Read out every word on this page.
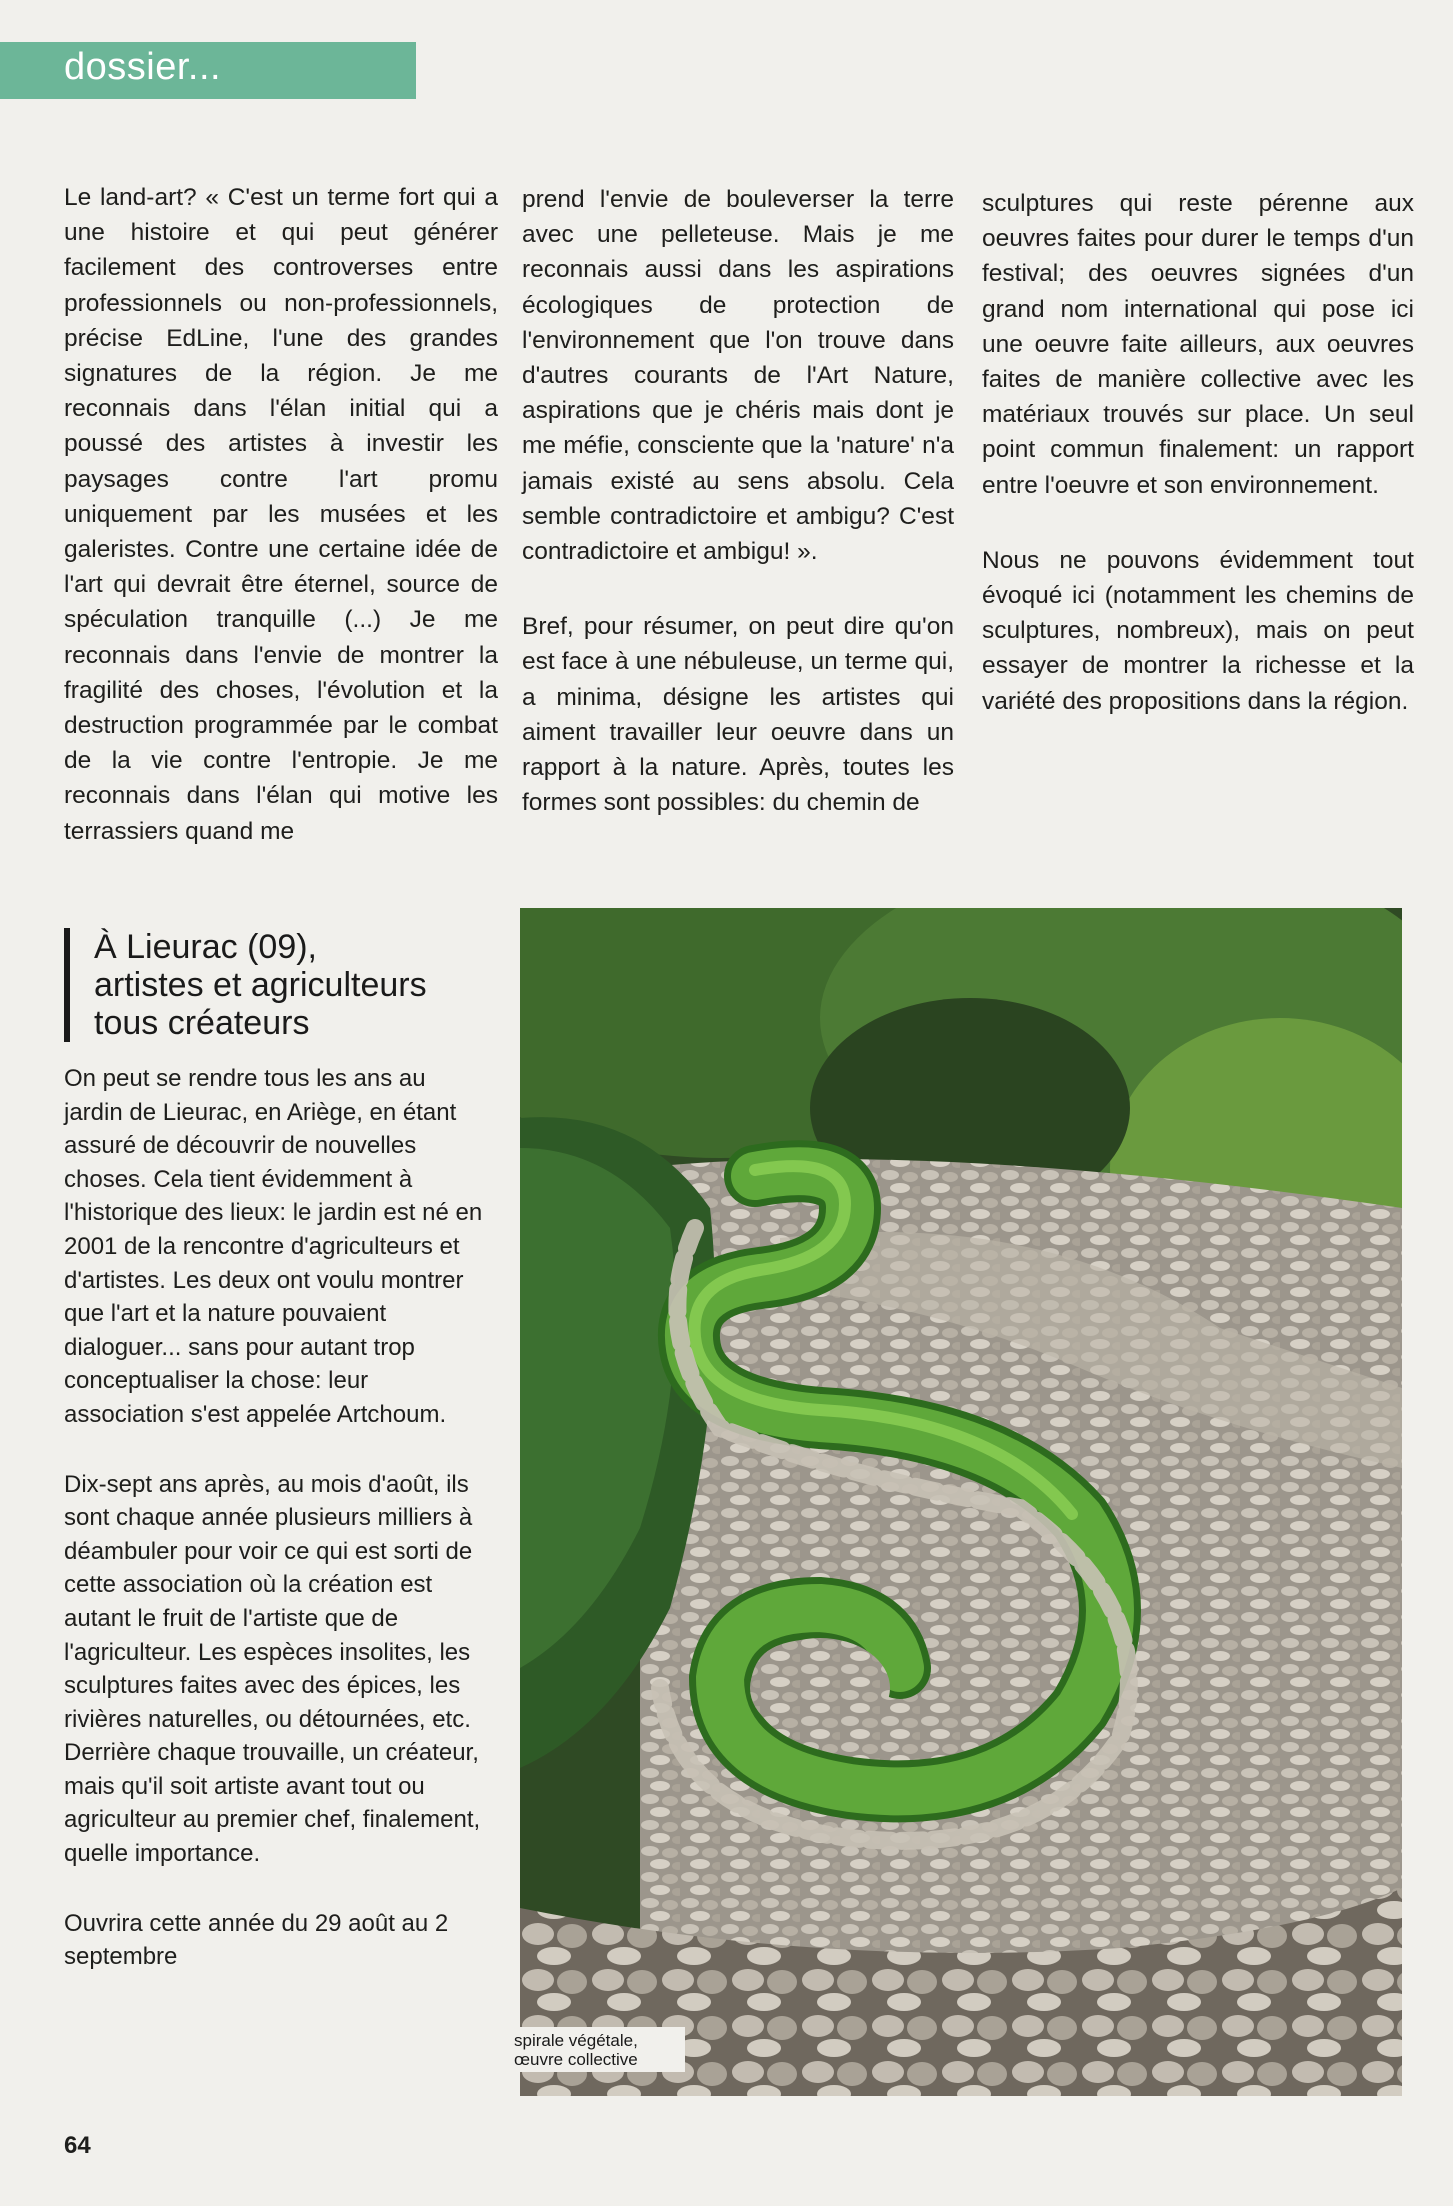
dossier...

Le land-art? « C'est un terme fort qui a une histoire et qui peut générer facilement des controverses entre professionnels ou non-professionnels, précise EdLine, l'une des grandes signatures de la région. Je me reconnais dans l'élan initial qui a poussé des artistes à investir les paysages contre l'art promu uniquement par les musées et les galeristes. Contre une certaine idée de l'art qui devrait être éternel, source de spéculation tranquille (...) Je me reconnais dans l'envie de montrer la fragilité des choses, l'évolution et la destruction programmée par le combat de la vie contre l'entropie. Je me reconnais dans l'élan qui motive les terrassiers quand me

prend l'envie de bouleverser la terre avec une pelleteuse. Mais je me reconnais aussi dans les aspirations écologiques de protection de l'environnement que l'on trouve dans d'autres courants de l'Art Nature, aspirations que je chéris mais dont je me méfie, consciente que la 'nature' n'a jamais existé au sens absolu. Cela semble contradictoire et ambigu? C'est contradictoire et ambigu! ».

Bref, pour résumer, on peut dire qu'on est face à une nébuleuse, un terme qui, a minima, désigne les artistes qui aiment travailler leur oeuvre dans un rapport à la nature. Après, toutes les formes sont possibles: du chemin de

sculptures qui reste pérenne aux oeuvres faites pour durer le temps d'un festival; des oeuvres signées d'un grand nom international qui pose ici une oeuvre faite ailleurs, aux oeuvres faites de manière collective avec les matériaux trouvés sur place. Un seul point commun finalement: un rapport entre l'oeuvre et son environnement.

Nous ne pouvons évidemment tout évoqué ici (notamment les chemins de sculptures, nombreux), mais on peut essayer de montrer la richesse et la variété des propositions dans la région.

À Lieurac (09),
artistes et agriculteurs
tous créateurs

On peut se rendre tous les ans au jardin de Lieurac, en Ariège, en étant assuré de découvrir de nouvelles choses. Cela tient évidemment à l'historique des lieux: le jardin est né en 2001 de la rencontre d'agriculteurs et d'artistes. Les deux ont voulu montrer que l'art et la nature pouvaient dialoguer... sans pour autant trop conceptualiser la chose: leur association s'est appelée Artchoum.

Dix-sept ans après, au mois d'août, ils sont chaque année plusieurs milliers à déambuler pour voir ce qui est sorti de cette association où la création est autant le fruit de l'artiste que de l'agriculteur. Les espèces insolites, les sculptures faites avec des épices, les rivières naturelles, ou détournées, etc. Derrière chaque trouvaille, un créateur, mais qu'il soit artiste avant tout ou agriculteur au premier chef, finalement, quelle importance.

Ouvrira cette année du 29 août au 2 septembre

spirale végétale,
œuvre collective
64
